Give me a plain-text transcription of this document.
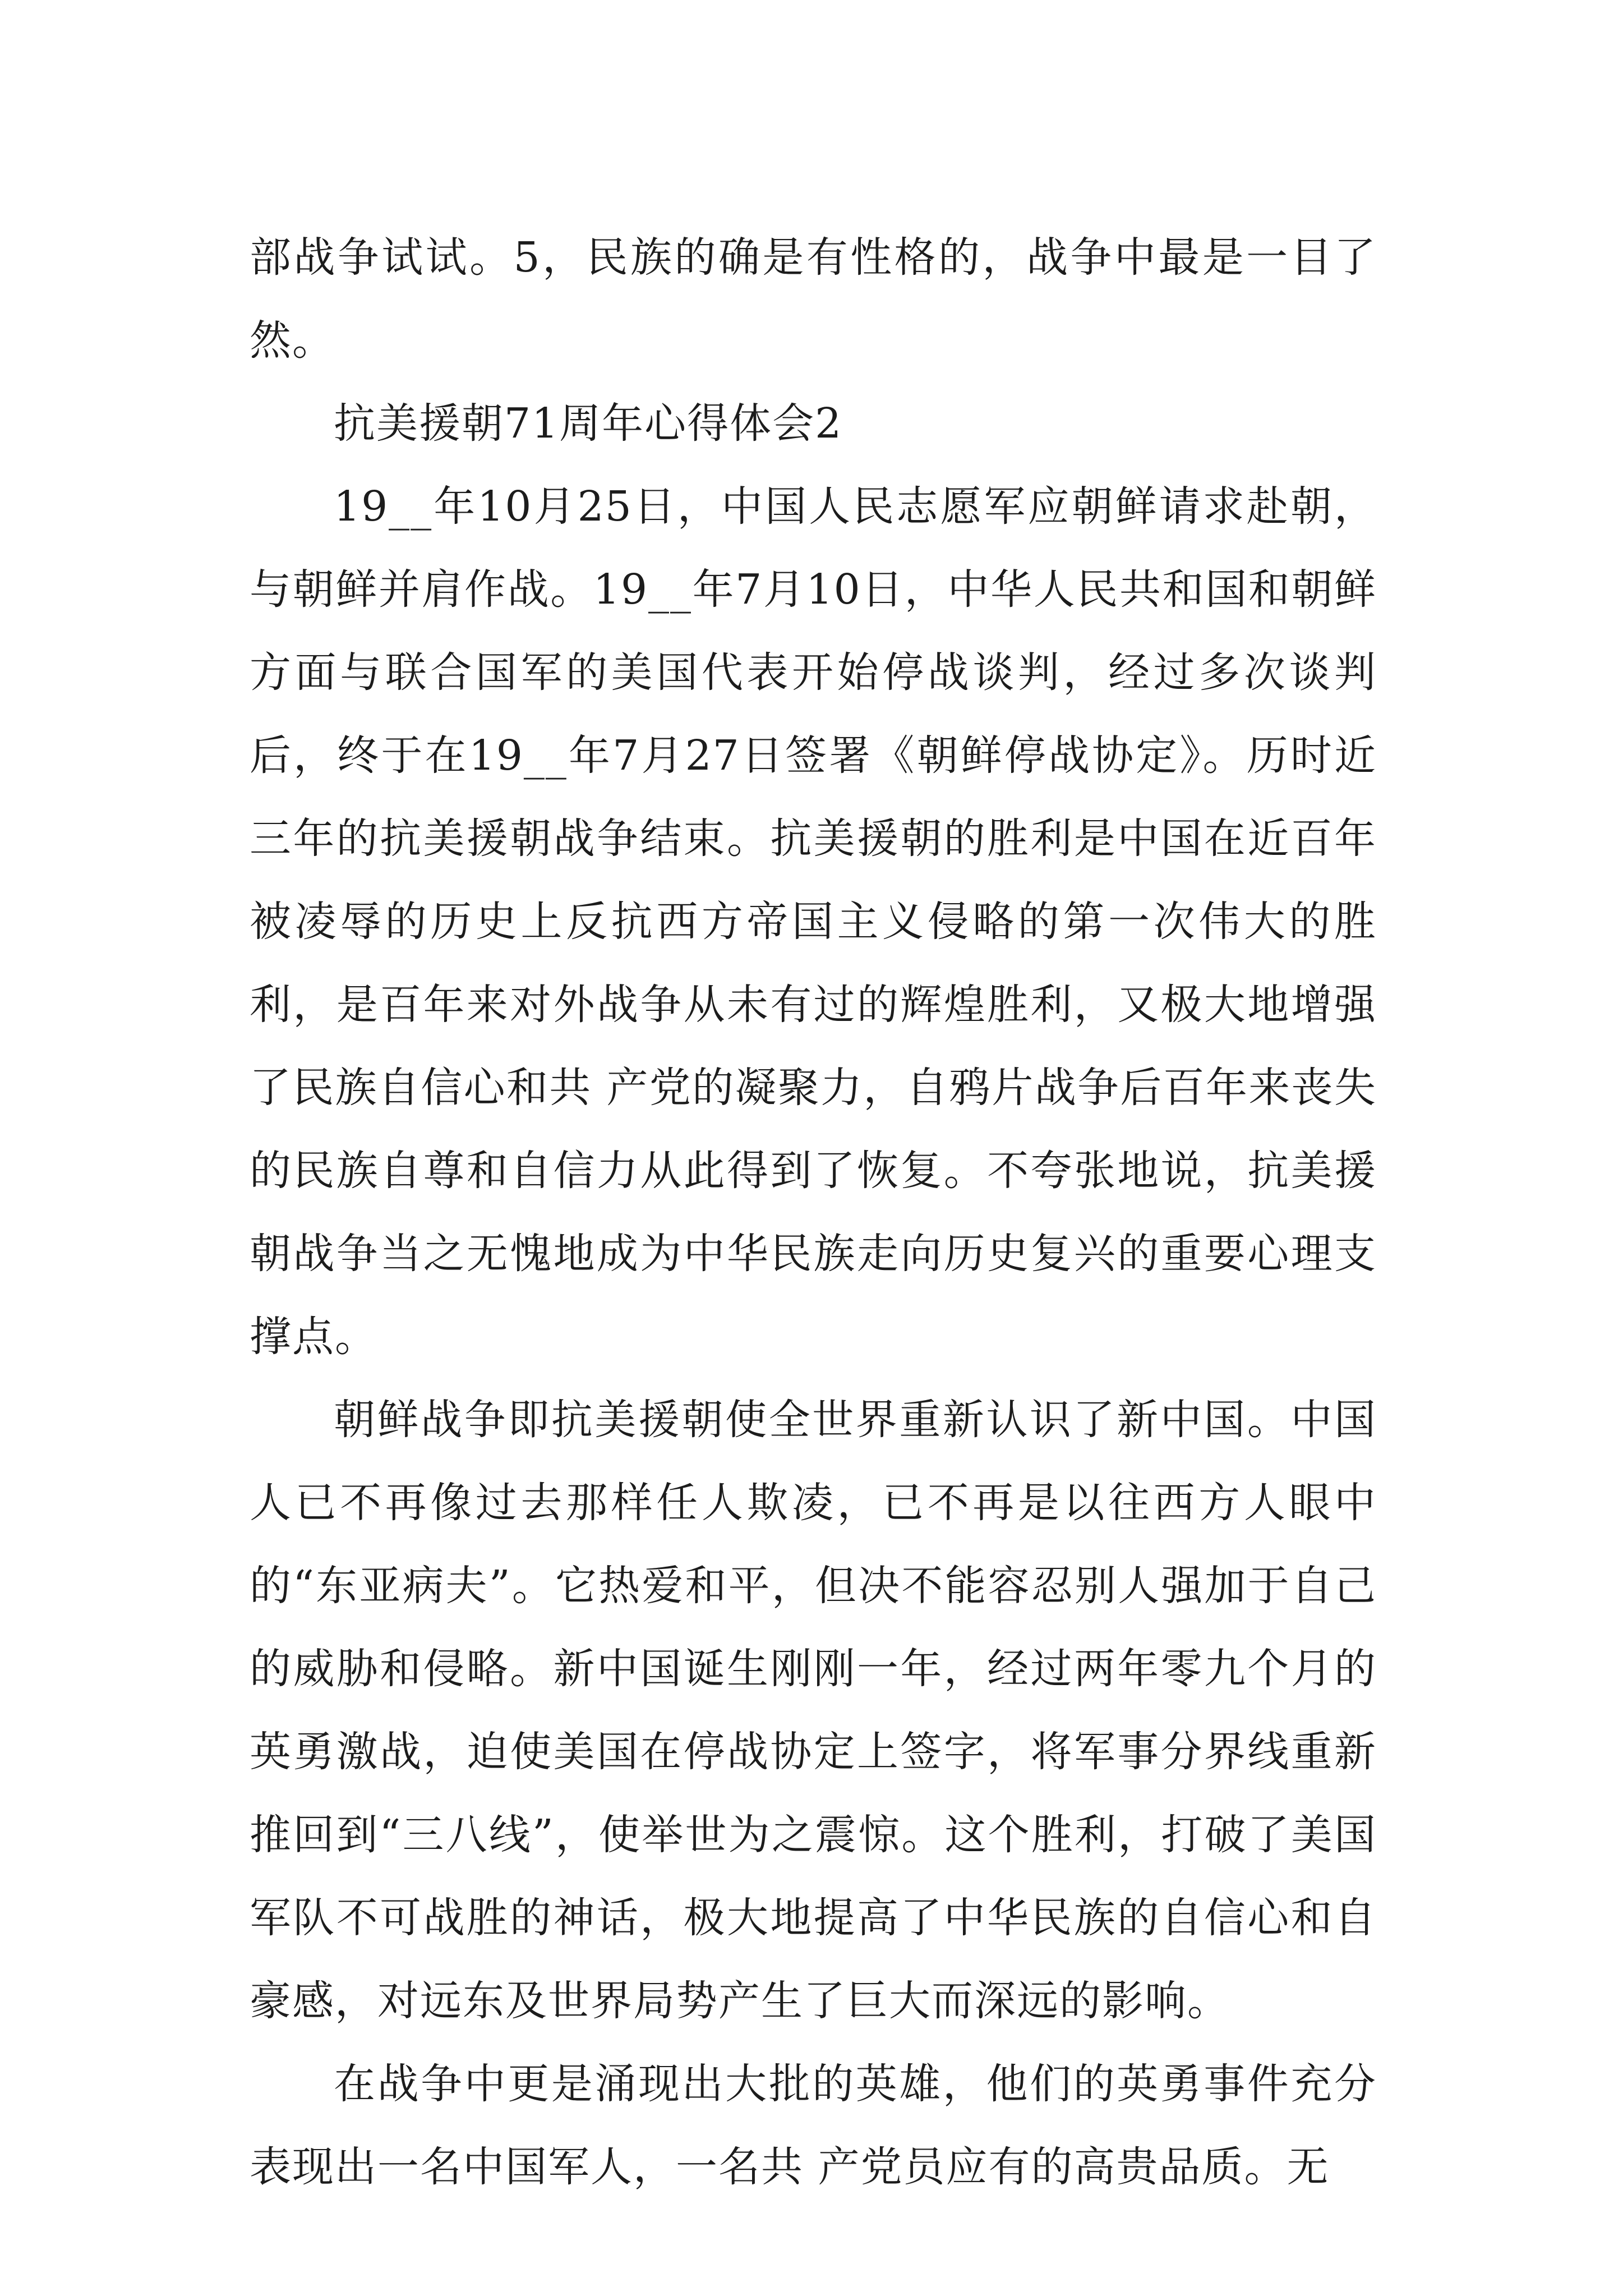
部战争试试。5，民族的确是有性格的，战争中最是一目了然。

抗美援朝71周年心得体会2

19__年10月25日，中国人民志愿军应朝鲜请求赴朝，与朝鲜并肩作战。19__年7月10日，中华人民共和国和朝鲜方面与联合国军的美国代表开始停战谈判，经过多次谈判后，终于在19__年7月27日签署《朝鲜停战协定》。历时近三年的抗美援朝战争结束。抗美援朝的胜利是中国在近百年被凌辱的历史上反抗西方帝国主义侵略的第一次伟大的胜利，是百年来对外战争从未有过的辉煌胜利，又极大地增强了民族自信心和共 产党的凝聚力，自鸦片战争后百年来丧失的民族自尊和自信力从此得到了恢复。不夸张地说，抗美援朝战争当之无愧地成为中华民族走向历史复兴的重要心理支撑点。

朝鲜战争即抗美援朝使全世界重新认识了新中国。中国人已不再像过去那样任人欺凌，已不再是以往西方人眼中的“东亚病夫”。它热爱和平，但决不能容忍别人强加于自己的威胁和侵略。新中国诞生刚刚一年，经过两年零九个月的英勇激战，迫使美国在停战协定上签字，将军事分界线重新推回到“三八线”，使举世为之震惊。这个胜利，打破了美国军队不可战胜的神话，极大地提高了中华民族的自信心和自豪感，对远东及世界局势产生了巨大而深远的影响。

在战争中更是涌现出大批的英雄，他们的英勇事件充分表现出一名中国军人，一名共 产党员应有的高贵品质。无
